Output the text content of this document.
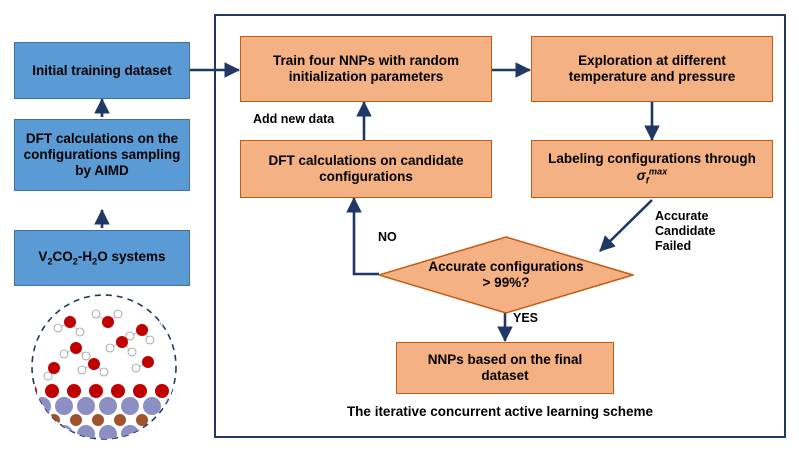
Initial training dataset
DFT calculations on the configurations sampling by AIMD
$V_2CO_2-H_2O$ systems
Train four NNPs with random initialization parameters
Exploration at different temperature and pressure
DFT calculations on candidate configurations
Labeling configurations through $\sigma_f^{max}$
NNPs based on the final dataset
Accurate configurations
> 99%?
Add new data
NO
YES
Accurate
Candidate
Failed
The iterative concurrent active learning scheme
